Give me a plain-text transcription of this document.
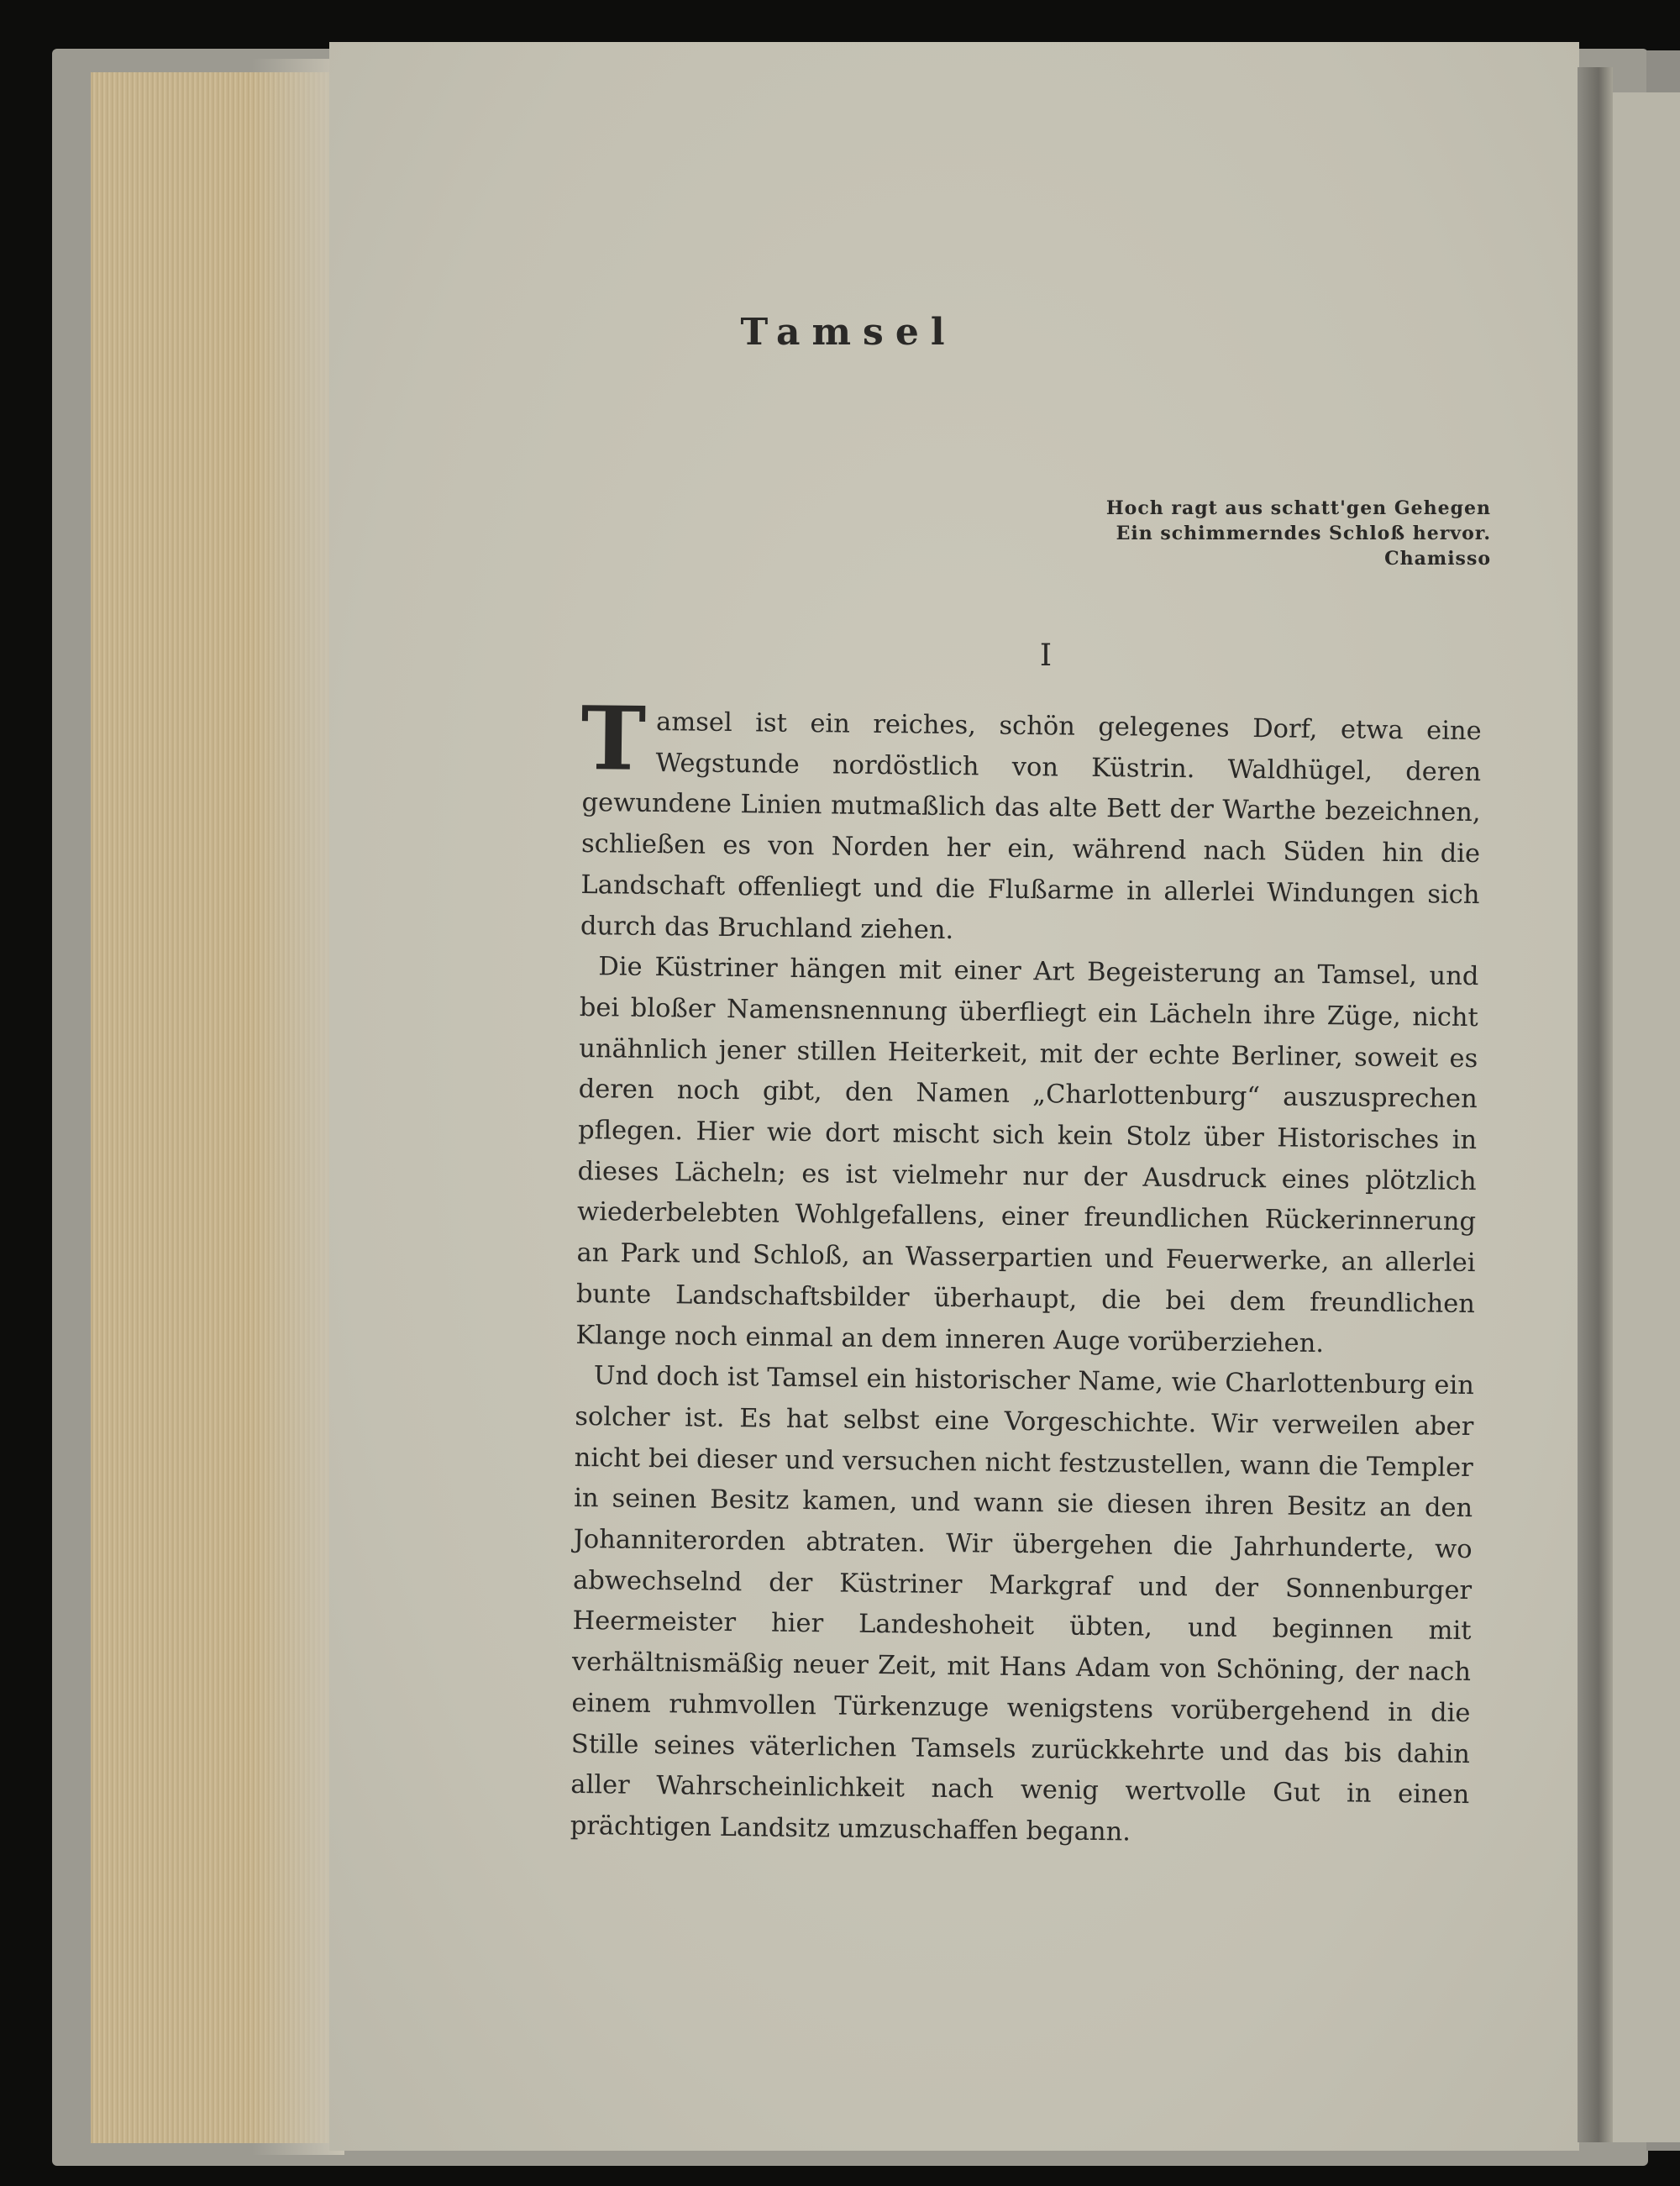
Tamsel
Hoch ragt aus schatt'gen Gehegen
Ein schimmerndes Schloß hervor.
Chamisso
I

Tamsel ist ein reiches, schön gelegenes Dorf, etwa eine Wegstunde nordöstlich von Küstrin. Waldhügel, deren gewundene Linien mutmaßlich das alte Bett der Warthe bezeichnen, schließen es von Norden her ein, während nach Süden hin die Landschaft offenliegt und die Flußarme in allerlei Windungen sich durch das Bruchland ziehen.

Die Küstriner hängen mit einer Art Begeisterung an Tamsel, und bei bloßer Namensnennung überfliegt ein Lächeln ihre Züge, nicht unähnlich jener stillen Heiterkeit, mit der echte Berliner, soweit es deren noch gibt, den Namen „Charlottenburg“ auszusprechen pflegen. Hier wie dort mischt sich kein Stolz über Historisches in dieses Lächeln; es ist vielmehr nur der Ausdruck eines plötzlich wiederbelebten Wohlgefallens, einer freundlichen Rückerinnerung an Park und Schloß, an Wasserpartien und Feuerwerke, an allerlei bunte Landschaftsbilder überhaupt, die bei dem freundlichen Klange noch einmal an dem inneren Auge vorüberziehen.

Und doch ist Tamsel ein historischer Name, wie Charlottenburg ein solcher ist. Es hat selbst eine Vorgeschichte. Wir verweilen aber nicht bei dieser und versuchen nicht festzustellen, wann die Templer in seinen Besitz kamen, und wann sie diesen ihren Besitz an den Johanniterorden abtraten. Wir übergehen die Jahrhunderte, wo abwechselnd der Küstriner Markgraf und der Sonnenburger Heermeister hier Landeshoheit übten, und beginnen mit verhältnismäßig neuer Zeit, mit Hans Adam von Schöning, der nach einem ruhmvollen Türkenzuge wenigstens vorübergehend in die Stille seines väterlichen Tamsels zurückkehrte und das bis dahin aller Wahrscheinlichkeit nach wenig wertvolle Gut in einen prächtigen Landsitz umzuschaffen begann.
